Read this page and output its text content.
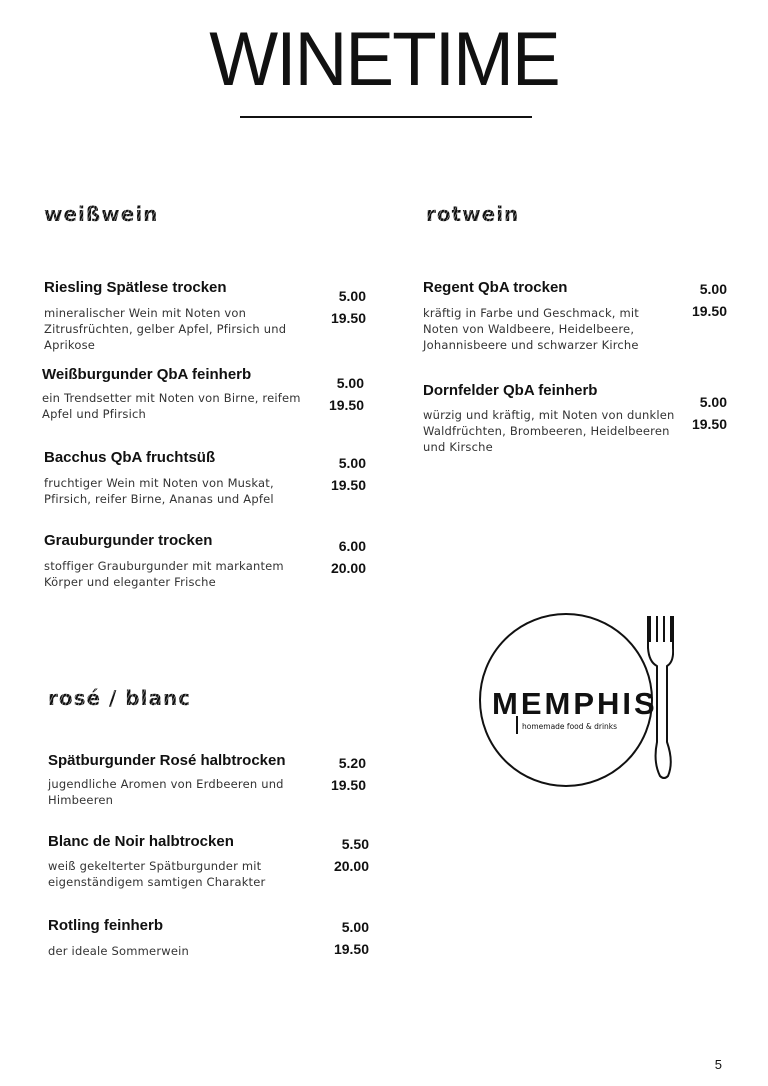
WINETIME
weißwein
Riesling Spätlese trocken
mineralischer Wein mit Noten von Zitrusfrüchten, gelber Apfel, Pfirsich und Aprikose
5.00
19.50
Weißburgunder QbA feinherb
ein Trendsetter mit Noten von Birne, reifem Apfel und Pfirsich
5.00
19.50
Bacchus QbA fruchtsüß
fruchtiger Wein mit Noten von Muskat, Pfirsich, reifer Birne, Ananas und Apfel
5.00
19.50
Grauburgunder trocken
stoffiger Grauburgunder mit markantem Körper und eleganter Frische
6.00
20.00
rotwein
Regent QbA trocken
kräftig in Farbe und Geschmack, mit Noten von Waldbeere, Heidelbeere, Johannisbeere und schwarzer Kirche
5.00
19.50
Dornfelder QbA feinherb
würzig und kräftig, mit Noten von dunklen Waldfrüchten, Brombeeren, Heidelbeeren und Kirsche
5.00
19.50
rosé / blanc
Spätburgunder Rosé halbtrocken
jugendliche Aromen von Erdbeeren und Himbeeren
5.20
19.50
Blanc de Noir halbtrocken
weiß gekelterter Spätburgunder mit eigenständigem samtigen Charakter
5.50
20.00
Rotling feinherb
der ideale Sommerwein
5.00
19.50
MEMPHIS
homemade food & drinks
5
